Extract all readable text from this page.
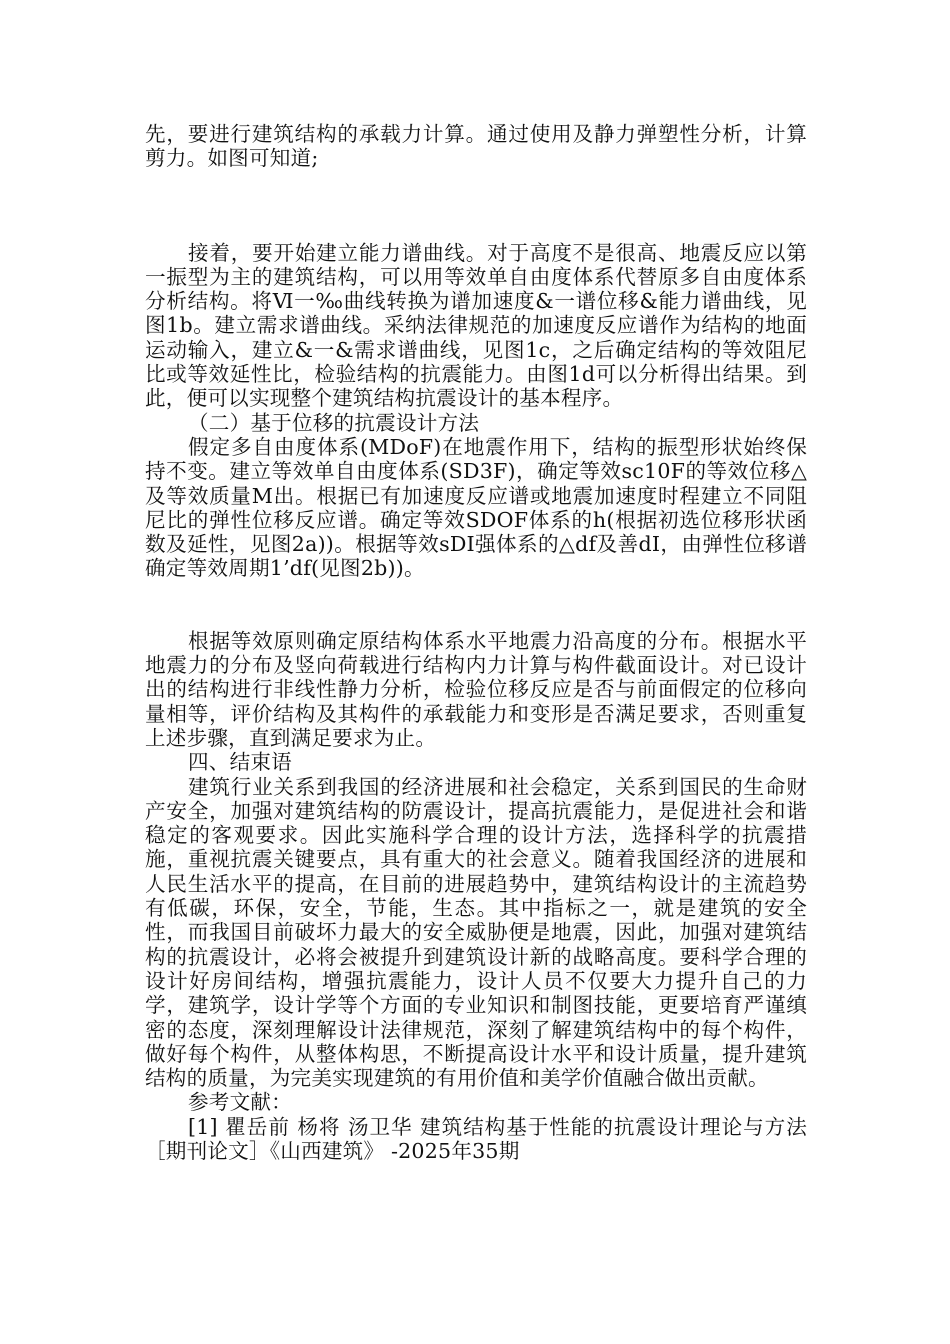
先，要进行建筑结构的承载力计算。通过使用及静力弹塑性分析，计算剪力。如图可知道;

接着，要开始建立能力谱曲线。对于高度不是很高、地震反应以第一振型为主的建筑结构，可以用等效单自由度体系代替原多自由度体系分析结构。将Ⅵ一‰曲线转换为谱加速度&一谱位移&能力谱曲线，见图1b。建立需求谱曲线。采纳法律规范的加速度反应谱作为结构的地面运动输入，建立&一&需求谱曲线，见图1c，之后确定结构的等效阻尼比或等效延性比，检验结构的抗震能力。由图1d可以分析得出结果。到此，便可以实现整个建筑结构抗震设计的基本程序。

（二）基于位移的抗震设计方法

假定多自由度体系(MDoF)在地震作用下，结构的振型形状始终保持不变。建立等效单自由度体系(SD3F)，确定等效sc10F的等效位移△及等效质量M出。根据已有加速度反应谱或地震加速度时程建立不同阻尼比的弹性位移反应谱。确定等效SDOF体系的h(根据初选位移形状函数及延性，见图2a))。根据等效sDI强体系的△df及善dI，由弹性位移谱确定等效周期1’df(见图2b))。

根据等效原则确定原结构体系水平地震力沿高度的分布。根据水平地震力的分布及竖向荷载进行结构内力计算与构件截面设计。对已设计出的结构进行非线性静力分析，检验位移反应是否与前面假定的位移向量相等，评价结构及其构件的承载能力和变形是否满足要求，否则重复上述步骤，直到满足要求为止。

四、结束语

建筑行业关系到我国的经济进展和社会稳定，关系到国民的生命财产安全，加强对建筑结构的防震设计，提高抗震能力，是促进社会和谐稳定的客观要求。因此实施科学合理的设计方法，选择科学的抗震措施，重视抗震关键要点，具有重大的社会意义。随着我国经济的进展和人民生活水平的提高，在目前的进展趋势中，建筑结构设计的主流趋势有低碳，环保，安全，节能，生态。其中指标之一，就是建筑的安全性，而我国目前破坏力最大的安全威胁便是地震，因此，加强对建筑结构的抗震设计，必将会被提升到建筑设计新的战略高度。要科学合理的设计好房间结构，增强抗震能力，设计人员不仅要大力提升自己的力学，建筑学，设计学等个方面的专业知识和制图技能，更要培育严谨缜密的态度，深刻理解设计法律规范，深刻了解建筑结构中的每个构件，做好每个构件，从整体构思，不断提高设计水平和设计质量，提升建筑结构的质量，为完美实现建筑的有用价值和美学价值融合做出贡献。

参考文献：

[1] 瞿岳前 杨将 汤卫华 建筑结构基于性能的抗震设计理论与方法［期刊论文］《山西建筑》 -2025年35期
